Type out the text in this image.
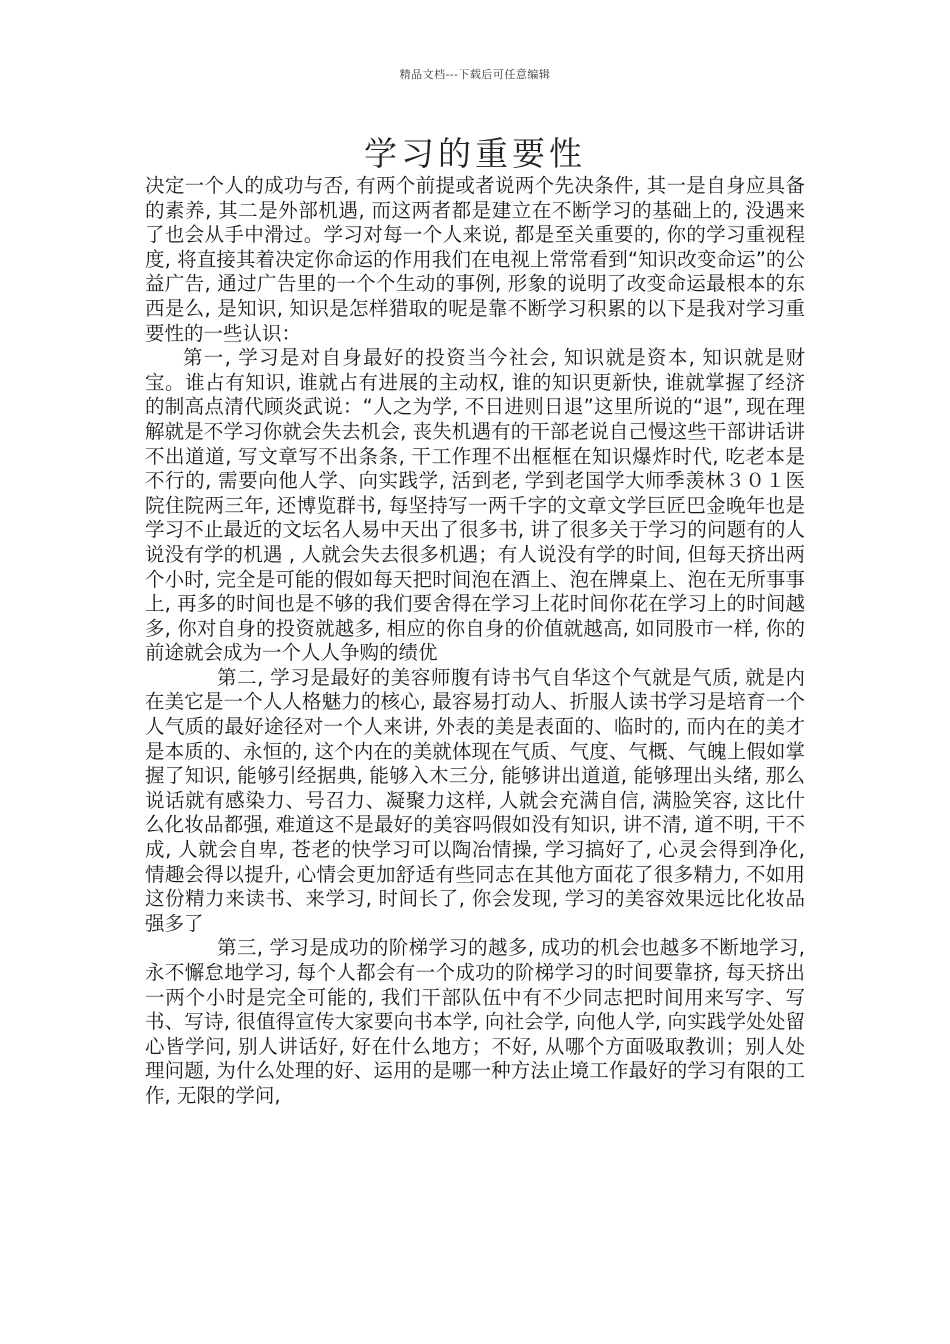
精品文档---下载后可任意编辑
学习的重要性

决定一个人的成功与否, 有两个前提或者说两个先决条件, 其一是自身应具备的素养, 其二是外部机遇, 而这两者都是建立在不断学习的基础上的, 没遇来了也会从手中滑过。学习对每一个人来说, 都是至关重要的, 你的学习重视程度, 将直接其着决定你命运的作用我们在电视上常常看到“知识改变命运”的公益广告, 通过广告里的一个个生动的事例, 形象的说明了改变命运最根本的东西是么, 是知识, 知识是怎样猎取的呢是靠不断学习积累的以下是我对学习重要性的一些认识：

第一, 学习是对自身最好的投资当今社会, 知识就是资本, 知识就是财宝。谁占有知识, 谁就占有进展的主动权, 谁的知识更新快, 谁就掌握了经济的制高点清代顾炎武说：“人之为学, 不日进则日退”这里所说的“退”, 现在理解就是不学习你就会失去机会, 丧失机遇有的干部老说自己慢这些干部讲话讲不出道道, 写文章写不出条条, 干工作理不出框框在知识爆炸时代, 吃老本是不行的, 需要向他人学、向实践学, 活到老, 学到老国学大师季羡林３０１医院住院两三年, 还博览群书, 每坚持写一两千字的文章文学巨匠巴金晚年也是学习不止最近的文坛名人易中天出了很多书, 讲了很多关于学习的问题有的人说没有学的机遇 , 人就会失去很多机遇；有人说没有学的时间, 但每天挤出两个小时, 完全是可能的假如每天把时间泡在酒上、泡在牌桌上、泡在无所事事上, 再多的时间也是不够的我们要舍得在学习上花时间你花在学习上的时间越多, 你对自身的投资就越多, 相应的你自身的价值就越高, 如同股市一样, 你的前途就会成为一个人人争购的绩优

第二, 学习是最好的美容师腹有诗书气自华这个气就是气质, 就是内在美它是一个人人格魅力的核心, 最容易打动人、折服人读书学习是培育一个人气质的最好途径对一个人来讲, 外表的美是表面的、临时的, 而内在的美才是本质的、永恒的, 这个内在的美就体现在气质、气度、气概、气魄上假如掌握了知识, 能够引经据典, 能够入木三分, 能够讲出道道, 能够理出头绪, 那么说话就有感染力、号召力、凝聚力这样, 人就会充满自信, 满脸笑容, 这比什么化妆品都强, 难道这不是最好的美容吗假如没有知识, 讲不清, 道不明, 干不成, 人就会自卑, 苍老的快学习可以陶冶情操, 学习搞好了, 心灵会得到净化, 情趣会得以提升, 心情会更加舒适有些同志在其他方面花了很多精力, 不如用这份精力来读书、来学习, 时间长了, 你会发现, 学习的美容效果远比化妆品强多了

第三, 学习是成功的阶梯学习的越多, 成功的机会也越多不断地学习, 永不懈怠地学习, 每个人都会有一个成功的阶梯学习的时间要靠挤, 每天挤出一两个小时是完全可能的, 我们干部队伍中有不少同志把时间用来写字、写书、写诗, 很值得宣传大家要向书本学, 向社会学, 向他人学, 向实践学处处留心皆学问, 别人讲话好, 好在什么地方；不好, 从哪个方面吸取教训；别人处理问题, 为什么处理的好、运用的是哪一种方法止境工作最好的学习有限的工作, 无限的学问,
